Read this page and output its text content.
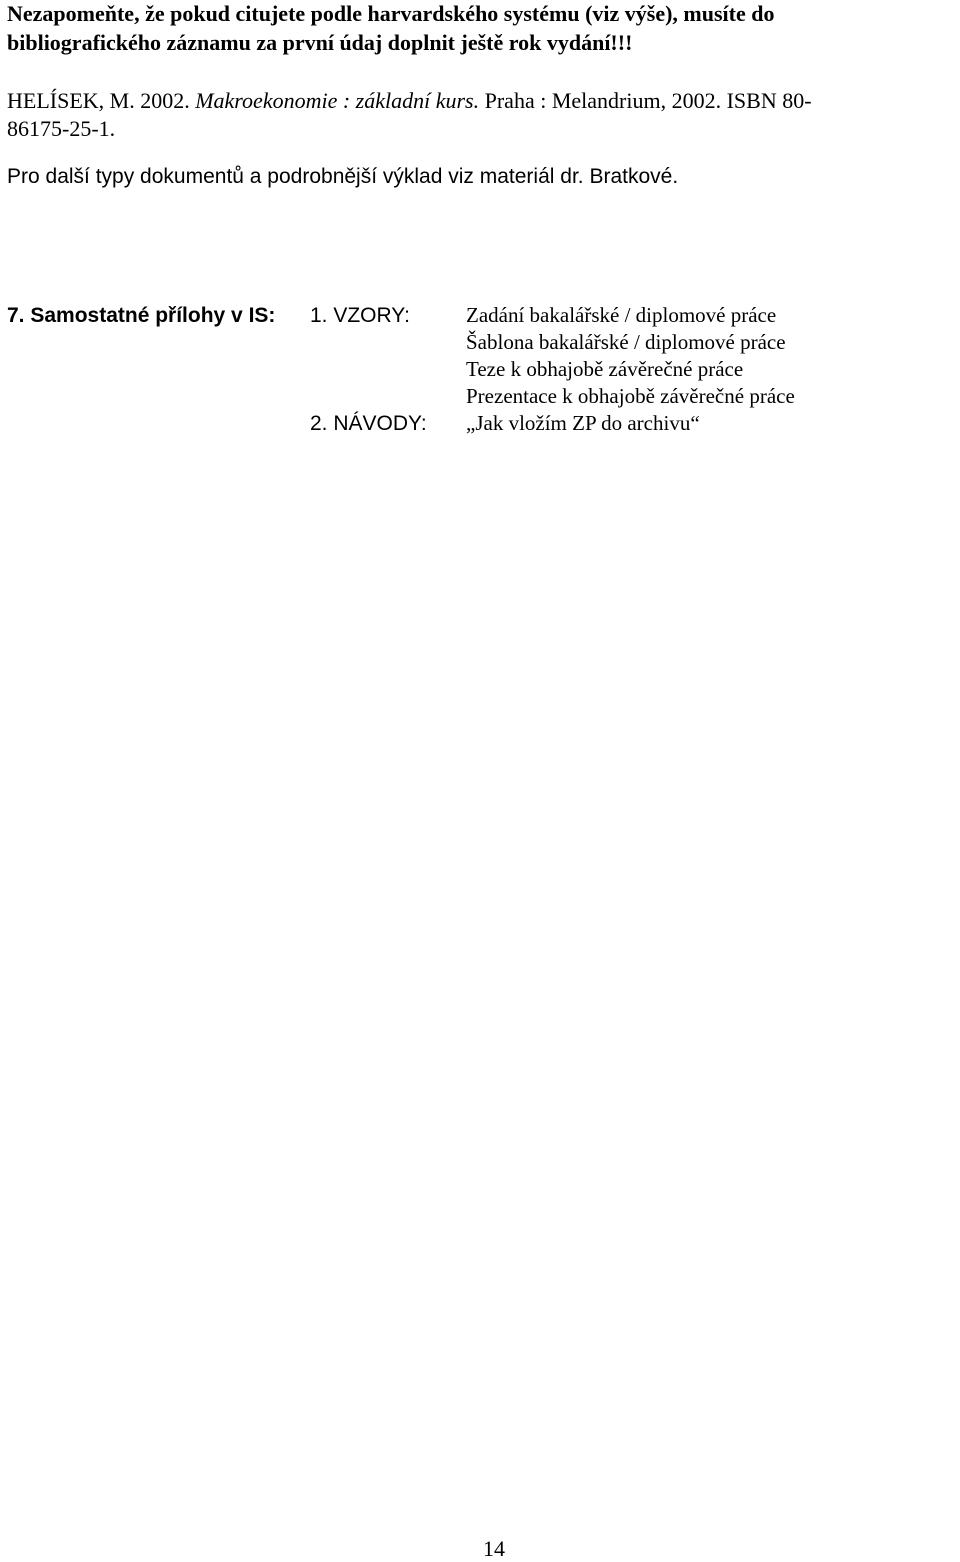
Nezapomeňte, že pokud citujete podle harvardského systému (viz výše), musíte do
bibliografického záznamu za první údaj doplnit ještě rok vydání!!!
HELÍSEK, M. 2002. Makroekonomie : základní kurs. Praha : Melandrium, 2002. ISBN 80-
86175-25-1.
Pro další typy dokumentů a podrobnější výklad viz materiál dr. Bratkové.
7. Samostatné přílohy v IS: 1. VZORY:	Zadání bakalářské / diplomové práce
Šablona bakalářské / diplomové práce
Teze k obhajobě závěrečné práce
Prezentace k obhajobě závěrečné práce
2. NÁVODY: „Jak vložím ZP do archivu“
14
